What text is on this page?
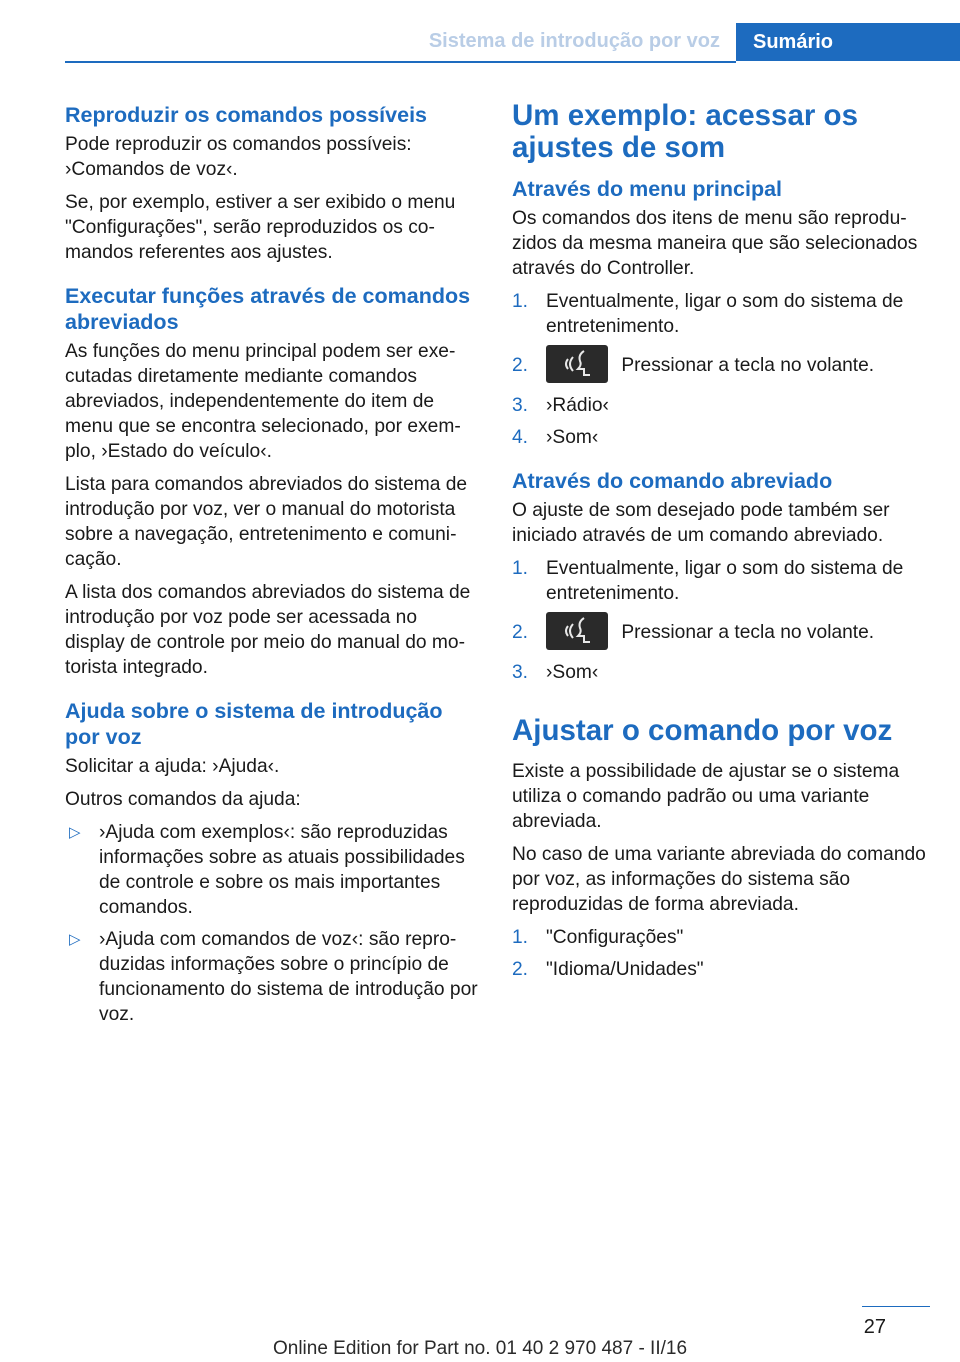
Sistema de introdução por voz	Sumário
Reproduzir os comandos possíveis

Pode reproduzir os comandos possíveis: ›Comandos de voz‹.

Se, por exemplo, estiver a ser exibido o menu "Configurações", serão reproduzidos os comandos referentes aos ajustes.

Executar funções através de comandos abreviados

As funções do menu principal podem ser executadas diretamente mediante comandos abreviados, independentemente do item de menu que se encontra selecionado, por exemplo, ›Estado do veículo‹.

Lista para comandos abreviados do sistema de introdução por voz, ver o manual do motorista sobre a navegação, entretenimento e comunicação.

A lista dos comandos abreviados do sistema de introdução por voz pode ser acessada no display de controle por meio do manual do motorista integrado.

Ajuda sobre o sistema de introdução por voz

Solicitar a ajuda: ›Ajuda‹.

Outros comandos da ajuda:

▷ ›Ajuda com exemplos‹: são reproduzidas informações sobre as atuais possibilidades de controle e sobre os mais importantes comandos.
▷ ›Ajuda com comandos de voz‹: são reproduzidas informações sobre o princípio de funcionamento do sistema de introdução por voz.
Um exemplo: acessar os ajustes de som
Através do menu principal

Os comandos dos itens de menu são reproduzidos da mesma maneira que são selecionados através do Controller.

1. Eventualmente, ligar o som do sistema de entretenimento.
2.	Pressionar a tecla no volante.
3. ›Rádio‹
4. ›Som‹
Através do comando abreviado

O ajuste de som desejado pode também ser iniciado através de um comando abreviado.

1. Eventualmente, ligar o som do sistema de entretenimento.
2.	Pressionar a tecla no volante.
3. ›Som‹
Ajustar o comando por voz

Existe a possibilidade de ajustar se o sistema utiliza o comando padrão ou uma variante abreviada.

No caso de uma variante abreviada do comando por voz, as informações do sistema são reproduzidas de forma abreviada.

1. "Configurações"
2. "Idioma/Unidades"
27
Online Edition for Part no. 01 40 2 970 487 - II/16
